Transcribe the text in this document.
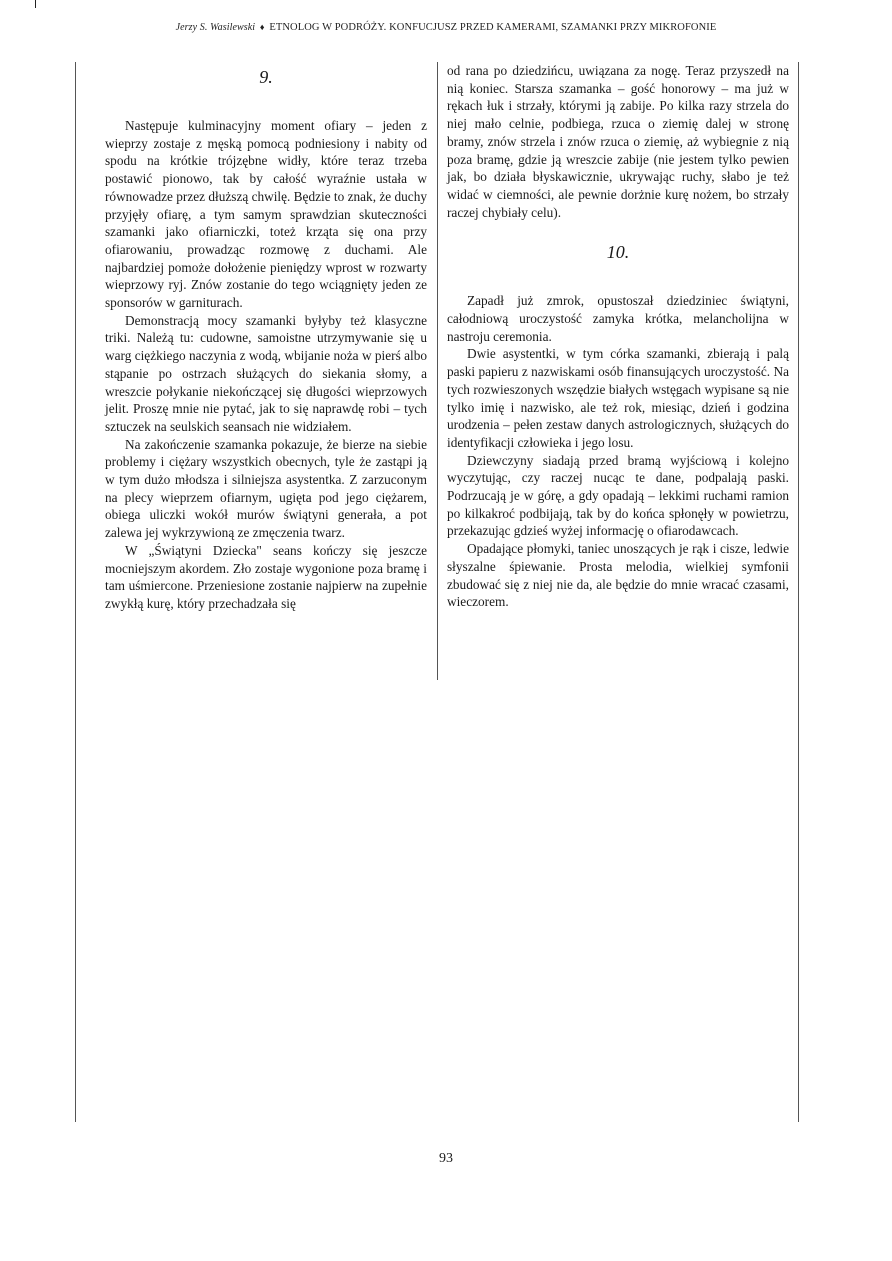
Jerzy S. Wasilewski ♦ ETNOLOG W PODRÓŻY. KONFUCJUSZ PRZED KAMERAMI, SZAMANKI PRZY MIKROFONIE
9.

Następuje kulminacyjny moment ofiary – jeden z wieprzy zostaje z męską pomocą podniesiony i nabity od spodu na krótkie trójzębne widły, które teraz trzeba postawić pionowo, tak by całość wyraźnie ustała w równowadze przez dłuższą chwilę. Będzie to znak, że duchy przyjęły ofiarę, a tym samym sprawdzian skuteczności szamanki jako ofiarniczki, toteż krząta się ona przy ofiarowaniu, prowadząc rozmowę z duchami. Ale najbardziej pomoże dołożenie pieniędzy wprost w rozwarty wieprzowy ryj. Znów zostanie do tego wciągnięty jeden ze sponsorów w garniturach.

Demonstracją mocy szamanki byłyby też klasyczne triki. Należą tu: cudowne, samoistne utrzymywanie się u warg ciężkiego naczynia z wodą, wbijanie noża w pierś albo stąpanie po ostrzach służących do siekania słomy, a wreszcie połykanie niekończącej się długości wieprzowych jelit. Proszę mnie nie pytać, jak to się naprawdę robi – tych sztuczek na seulskich seansach nie widziałem.

Na zakończenie szamanka pokazuje, że bierze na siebie problemy i ciężary wszystkich obecnych, tyle że zastąpi ją w tym dużo młodsza i silniejsza asystentka. Z zarzuconym na plecy wieprzem ofiarnym, ugięta pod jego ciężarem, obiega uliczki wokół murów świątyni generała, a pot zalewa jej wykrzywioną ze zmęczenia twarz.

W „Świątyni Dziecka" seans kończy się jeszcze mocniejszym akordem. Zło zostaje wygonione poza bramę i tam uśmiercone. Przeniesione zostanie najpierw na zupełnie zwykłą kurę, który przechadzała się

od rana po dziedzińcu, uwiązana za nogę. Teraz przyszedł na nią koniec. Starsza szamanka – gość honorowy – ma już w rękach łuk i strzały, którymi ją zabije. Po kilka razy strzela do niej mało celnie, podbiega, rzuca o ziemię dalej w stronę bramy, znów strzela i znów rzuca o ziemię, aż wybiegnie z nią poza bramę, gdzie ją wreszcie zabije (nie jestem tylko pewien jak, bo działa błyskawicznie, ukrywając ruchy, słabo je też widać w ciemności, ale pewnie dorżnie kurę nożem, bo strzały raczej chybiały celu).

10.

Zapadł już zmrok, opustoszał dziedziniec świątyni, całodniową uroczystość zamyka krótka, melancholijna w nastroju ceremonia.

Dwie asystentki, w tym córka szamanki, zbierają i palą paski papieru z nazwiskami osób finansujących uroczystość. Na tych rozwieszonych wszędzie białych wstęgach wypisane są nie tylko imię i nazwisko, ale też rok, miesiąc, dzień i godzina urodzenia – pełen zestaw danych astrologicznych, służących do identyfikacji człowieka i jego losu.

Dziewczyny siadają przed bramą wyjściową i kolejno wyczytując, czy raczej nucąc te dane, podpalają paski. Podrzucają je w górę, a gdy opadają – lekkimi ruchami ramion po kilkakroć podbijają, tak by do końca spłonęły w powietrzu, przekazując gdzieś wyżej informację o ofiarodawcach.

Opadające płomyki, taniec unoszących je rąk i cisze, ledwie słyszalne śpiewanie. Prosta melodia, wielkiej symfonii zbudować się z niej nie da, ale będzie do mnie wracać czasami, wieczorem.

93
